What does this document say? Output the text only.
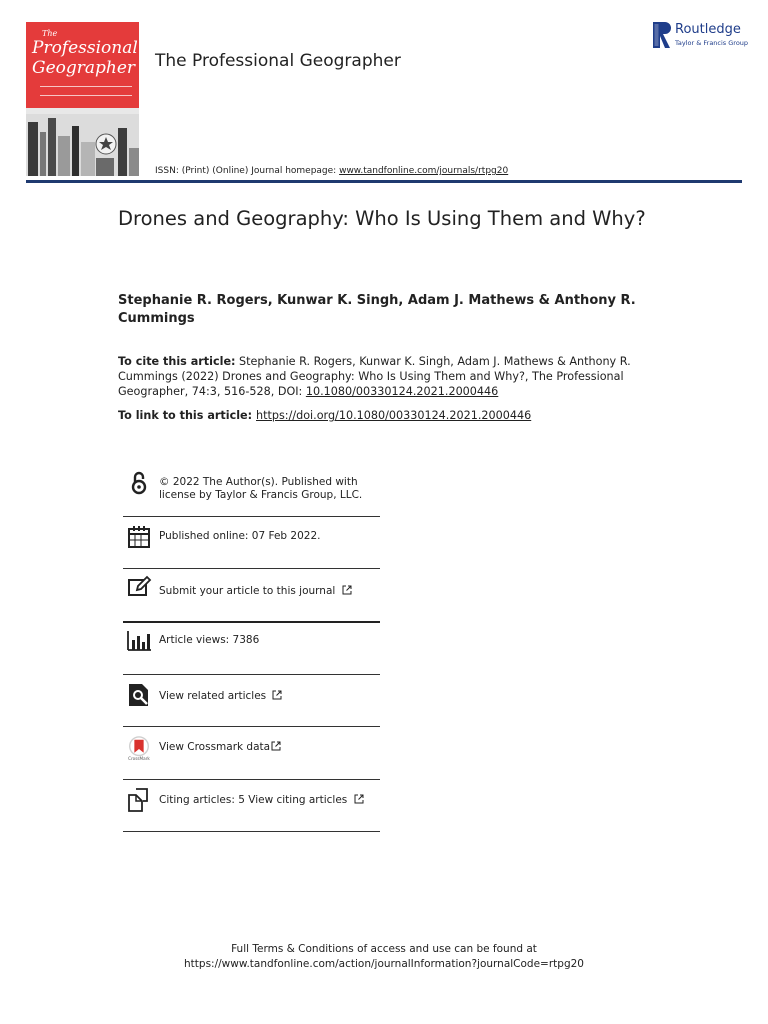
The
Professional
Geographer The Professional Geographer
ISSN: (Print) (Online) Journal homepage: www.tandfonline.com/journals/rtpg20
Routledge
Taylor & Francis Group
Drones and Geography: Who Is Using Them and Why?
Stephanie R. Rogers, Kunwar K. Singh, Adam J. Mathews & Anthony R. Cummings
To cite this article: Stephanie R. Rogers, Kunwar K. Singh, Adam J. Mathews & Anthony R. Cummings (2022) Drones and Geography: Who Is Using Them and Why?, The Professional Geographer, 74:3, 516-528, DOI: 10.1080/00330124.2021.2000446
To link to this article: https://doi.org/10.1080/00330124.2021.2000446
© 2022 The Author(s). Published with license by Taylor & Francis Group, LLC.
Published online: 07 Feb 2022.
Submit your article to this journal
Article views: 7386
View related articles
CrossMark
View Crossmark data
Citing articles: 5 View citing articles
Full Terms & Conditions of access and use can be found at
https://www.tandfonline.com/action/journalInformation?journalCode=rtpg20
